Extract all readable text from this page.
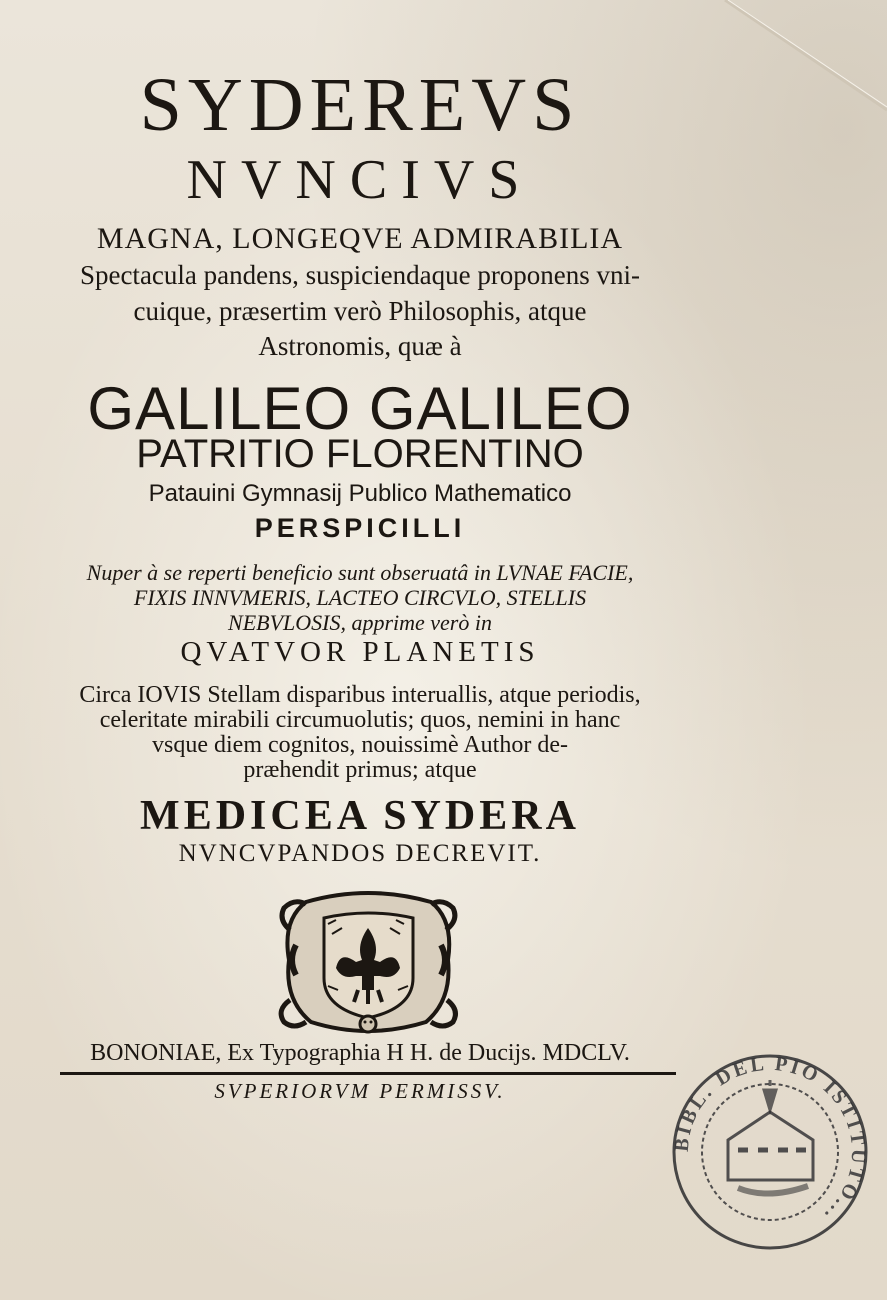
SYDEREVS
NVNCIVS
MAGNA, LONGEQVE ADMIRABILIA
Spectacula pandens, suspiciendaque proponens vni-
cuique, præsertim verò Philosophis, atque
Astronomis, quæ à
GALILEO GALILEO
PATRITIO FLORENTINO
Patauini Gymnasij Publico Mathematico
PERSPICILLI
Nuper à se reperti beneficio sunt obseruatâ in LVNAE FACIE,
FIXIS INNVMERIS, LACTEO CIRCVLO, STELLIS
NEBVLOSIS, apprime verò in
QVATVOR PLANETIS
Circa IOVIS Stellam disparibus interuallis, atque periodis,
celeritate mirabili circumuolutis; quos, nemini in hanc
vsque diem cognitos, nouissimè Author de-
præhendit primus; atque
MEDICEA SYDERA
NVNCVPANDOS DECREVIT.
BONONIAE, Ex Typographia H H. de Ducijs. MDCLV.
SVPERIORVM PERMISSV.
BIBL. DEL PIO ISTITUTO...
